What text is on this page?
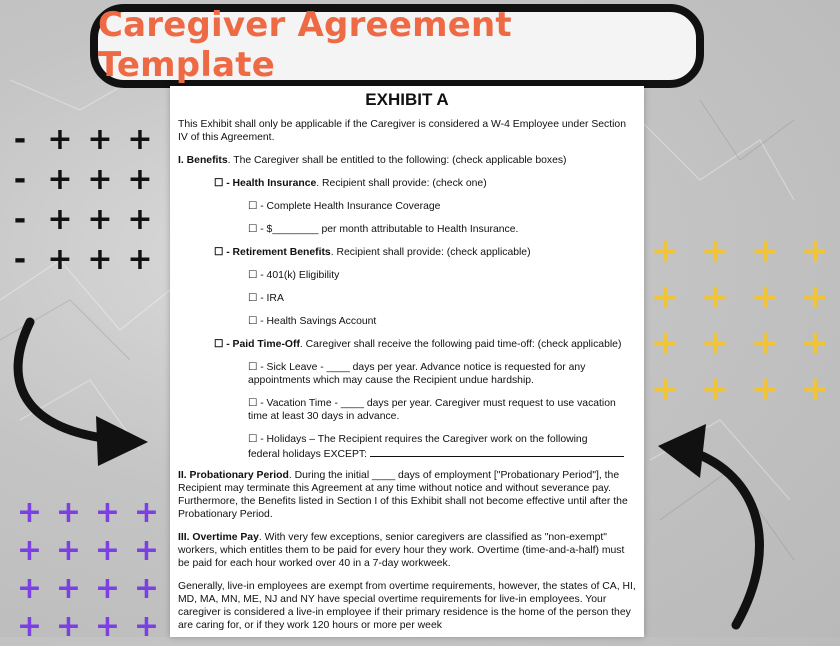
Caregiver Agreement Template
- + + +
- + + +
- + + +
- + + +	+ + + +
+ + + +
+ + + +
+ + + +
+ + + +
+ + + +
+ + + +
+ + + +
EXHIBIT A
This Exhibit shall only be applicable if the Caregiver is considered a W-4 Employee under Section IV of this Agreement.
I. Benefits. The Caregiver shall be entitled to the following: (check applicable boxes)
☐ - Health Insurance. Recipient shall provide: (check one)
☐ - Complete Health Insurance Coverage
☐ - $________ per month attributable to Health Insurance.
☐ - Retirement Benefits. Recipient shall provide: (check applicable)
☐ - 401(k) Eligibility
☐ - IRA
☐ - Health Savings Account
☐ - Paid Time-Off. Caregiver shall receive the following paid time-off: (check applicable)
☐ - Sick Leave - ____ days per year. Advance notice is requested for any appointments which may cause the Recipient undue hardship.
☐ - Vacation Time - ____ days per year. Caregiver must request to use vacation time at least 30 days in advance.
☐ - Holidays – The Recipient requires the Caregiver work on the following
federal holidays EXCEPT:
II. Probationary Period. During the initial ____ days of employment ["Probationary Period"], the Recipient may terminate this Agreement at any time without notice and without severance pay. Furthermore, the Benefits listed in Section I of this Exhibit shall not become effective until after the Probationary Period.
III. Overtime Pay. With very few exceptions, senior caregivers are classified as "non-exempt" workers, which entitles them to be paid for every hour they work. Overtime (time-and-a-half) must be paid for each hour worked over 40 in a 7-day workweek.
Generally, live-in employees are exempt from overtime requirements, however, the states of CA, HI, MD, MA, MN, ME, NJ and NY have special overtime requirements for live-in employees. Your caregiver is considered a live-in employee if their primary residence is the home of the person they are caring for, or if they work 120 hours or more per week
